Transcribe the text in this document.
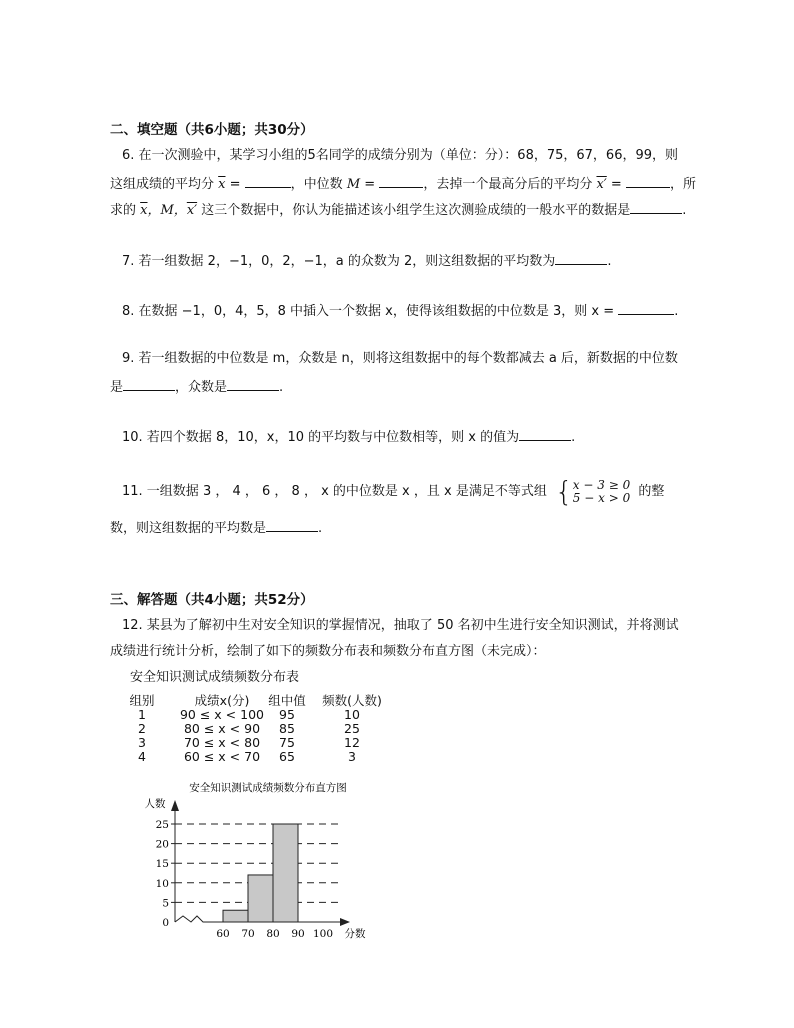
二、填空题（共6小题；共30分）
6. 在一次测验中，某学习小组的5名同学的成绩分别为（单位：分）：68，75，67，66，99，则
这组成绩的平均分 $\overline{x}$ =	，中位数 M =	，去掉一个最高分后的平均分 x′ =	，所
求的 $\overline{x}$，M，x′ 这三个数据中，你认为能描述该小组学生这次测验成绩的一般水平的数据是	.
7. 若一组数据 2，−1，0，2，−1，a 的众数为 2，则这组数据的平均数为	.
8. 在数据 −1，0，4，5，8 中插入一个数据 x，使得该组数据的中位数是 3，则 x =	.
9. 若一组数据的中位数是 m，众数是 n，则将这组数据中的每个数都减去 a 后，新数据的中位数
是	，众数是	.
10. 若四个数据 8，10，x，10 的平均数与中位数相等，则 x 的值为	.
11. 一组数据 3 ， 4 ， 6 ， 8 ， x 的中位数是 x ，且 x 是满足不等式组 {x − 3 ≥ 0
5 − x > 0 的整
数，则这组数据的平均数是	.
三、解答题（共4小题；共52分）
12. 某县为了解初中生对安全知识的掌握情况，抽取了 50 名初中生进行安全知识测试，并将测试
成绩进行统计分析，绘制了如下的频数分布表和频数分布直方图（未完成）：
安全知识测试成绩频数分布表
组别	成绩x(分)	组中值	频数(人数)
1	90 ≤ x < 100	95	10
2	80 ≤ x < 90	85	25
3	70 ≤ x < 80	75	12
4	60 ≤ x < 70	65	3
安全知识测试成绩频数分布直方图
人数
分数
0
5
10
15
20
25
60 70 80 90 100
